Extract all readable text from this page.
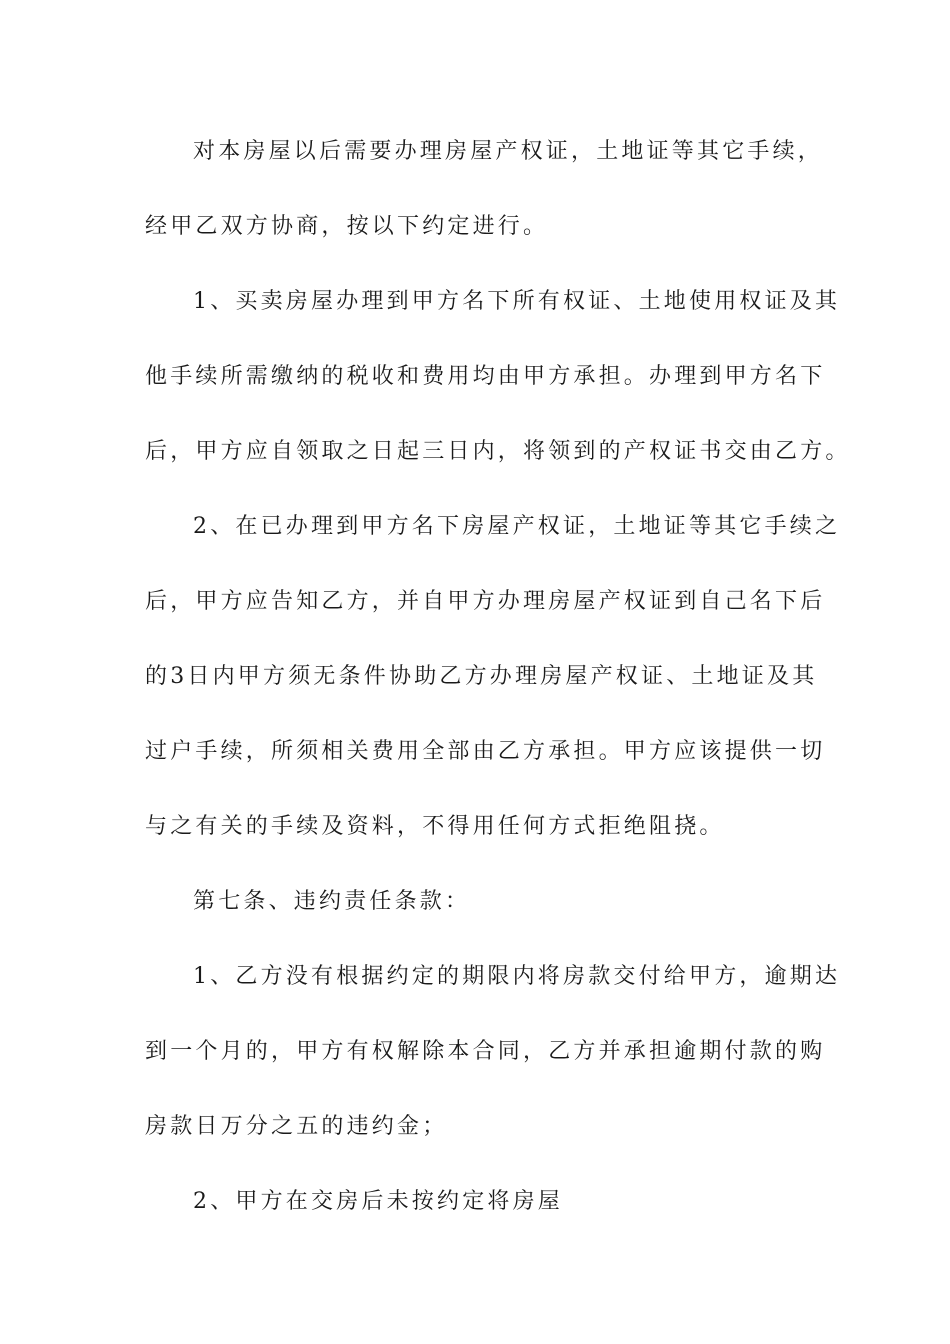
对本房屋以后需要办理房屋产权证，土地证等其它手续，
经甲乙双方协商，按以下约定进行。
1、买卖房屋办理到甲方名下所有权证、土地使用权证及其
他手续所需缴纳的税收和费用均由甲方承担。办理到甲方名下
后，甲方应自领取之日起三日内，将领到的产权证书交由乙方。
2、在已办理到甲方名下房屋产权证，土地证等其它手续之
后，甲方应告知乙方，并自甲方办理房屋产权证到自己名下后
的3日内甲方须无条件协助乙方办理房屋产权证、土地证及其
过户手续，所须相关费用全部由乙方承担。甲方应该提供一切
与之有关的手续及资料，不得用任何方式拒绝阻挠。
第七条、违约责任条款：
1、乙方没有根据约定的期限内将房款交付给甲方，逾期达
到一个月的，甲方有权解除本合同，乙方并承担逾期付款的购
房款日万分之五的违约金；
2、甲方在交房后未按约定将房屋
